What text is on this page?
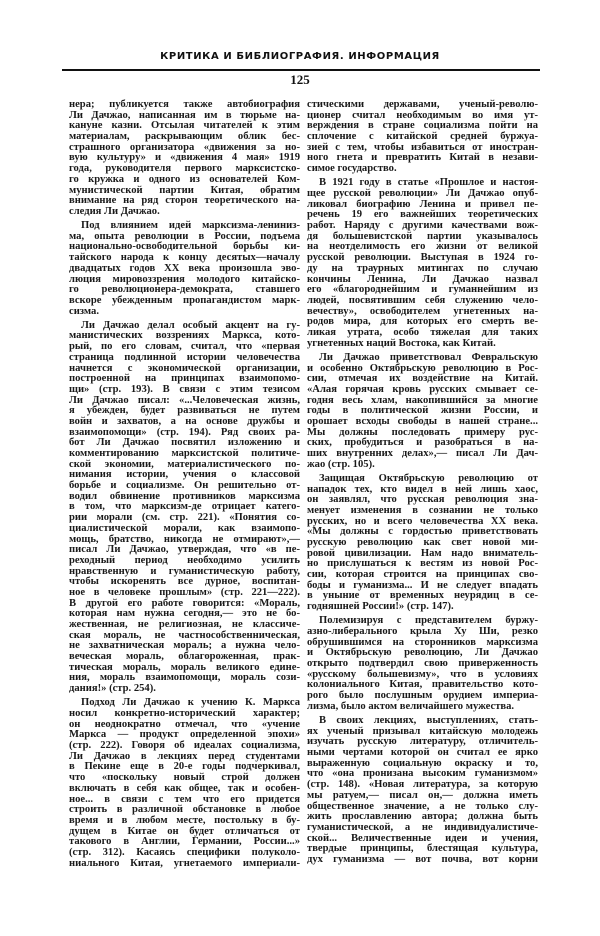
КРИТИКА И БИБЛИОГРАФИЯ. ИНФОРМАЦИЯ
125
нера; публикуется также автобиография
Ли Дачжао, написанная им в тюрьме на-
кануне казни. Отсылая читателей к этим
материалам, раскрывающим облик бес-
страшного организатора «движения за но-
вую культуру» и «движения 4 мая» 1919
года, руководителя первого марксистско-
го кружка и одного из основателей Ком-
мунистической партии Китая, обратим
внимание на ряд сторон теоретического на-
следия Ли Дачжао.
Под влиянием идей марксизма-лениниз-
ма, опыта революции в России, подъема
национально-освободительной борьбы ки-
тайского народа к концу десятых—началу
двадцатых годов XX века произошла эво-
люция мировоззрения молодого китайско-
го революционера-демократа, ставшего
вскоре убежденным пропагандистом марк-
сизма.
Ли Дачжао делал особый акцент на гу-
манистических воззрениях Маркса, кото-
рый, по его словам, считал, что «первая
страница подлинной истории человечества
начнется с экономической организации,
построенной на принципах взаимопомо-
щи» (стр. 193). В связи с этим тезисом
Ли Дачжао писал: «...Человеческая жизнь,
я убежден, будет развиваться не путем
войн и захватов, а на основе дружбы и
взаимопомощи» (стр. 194). Ряд своих ра-
бот Ли Дачжао посвятил изложению и
комментированию марксистской политиче-
ской экономии, материалистического по-
нимания истории, учения о классовой
борьбе и социализме. Он решительно от-
водил обвинение противников марксизма
в том, что марксизм-де отрицает катего-
рии морали (см. стр. 221). «Понятия со-
циалистической морали, как взаимопо-
мощь, братство, никогда не отмирают»,—
писал Ли Дачжао, утверждая, что «в пе-
реходный период необходимо усилить
нравственную и гуманистическую работу,
чтобы искоренять все дурное, воспитан-
ное в человеке прошлым» (стр. 221—222).
В другой его работе говорится: «Мораль,
которая нам нужна сегодня,— это не бо-
жественная, не религиозная, не классиче-
ская мораль, не частнособственническая,
не захватническая мораль; а нужна чело-
веческая мораль, облагороженная, прак-
тическая мораль, мораль великого едине-
ния, мораль взаимопомощи, мораль сози-
дания!» (стр. 254).
Подход Ли Дачжао к учению К. Маркса
носил конкретно-исторический характер;
он неоднократно отмечал, что «учение
Маркса — продукт определенной эпохи»
(стр. 222). Говоря об идеалах социализма,
Ли Дачжао в лекциях перед студентами
в Пекине еще в 20-е годы подчеркивал,
что «поскольку новый строй должен
включать в себя как общее, так и особен-
ное... в связи с тем что его придется
строить в различной обстановке в любое
время и в любом месте, постольку в бу-
дущем в Китае он будет отличаться от
такового в Англии, Германии, России...»
(стр. 312). Касаясь специфики полуколо-
ниального Китая, угнетаемого империали-
стическими державами, ученый-револю-
ционер считал необходимым во имя ут-
верждения в стране социализма пойти на
сплочение с китайской средней буржуа-
зией с тем, чтобы избавиться от иностран-
ного гнета и превратить Китай в незави-
симое государство.
В 1921 году в статье «Прошлое и настоя-
щее русской революции» Ли Дачжао опуб-
ликовал биографию Ленина и привел пе-
речень 19 его важнейших теоретических
работ. Наряду с другими качествами вож-
дя большевистской партии указывалось
на неотделимость его жизни от великой
русской революции. Выступая в 1924 го-
ду на траурных митингах по случаю
кончины Ленина, Ли Дачжао назвал
его «благороднейшим и гуманнейшим из
людей, посвятившим себя служению чело-
вечеству», освободителем угнетенных на-
родов мира, для которых его смерть ве-
ликая утрата, особо тяжелая для таких
угнетенных наций Востока, как Китай.
Ли Дачжао приветствовал Февральскую
и особенно Октябрьскую революцию в Рос-
сии, отмечая их воздействие на Китай.
«Алая горячая кровь русских смывает се-
годня весь хлам, накопившийся за многие
годы в политической жизни России, и
орошает всходы свободы в нашей стране...
Мы должны последовать примеру рус-
ских, пробудиться и разобраться в на-
ших внутренних делах»,— писал Ли Дач-
жао (стр. 105).
Защищая Октябрьскую революцию от
нападок тех, кто видел в ней лишь хаос,
он заявлял, что русская революция зна-
менует изменения в сознании не только
русских, но и всего человечества XX века.
«Мы должны с гордостью приветствовать
русскую революцию как свет новой ми-
ровой цивилизации. Нам надо вниматель-
но прислушаться к вестям из новой Рос-
сии, которая строится на принципах сво-
боды и гуманизма... И не следует впадать
в уныние от временных неурядиц в се-
годняшней России!» (стр. 147).
Полемизируя с представителем буржу-
азно-либерального крыла Ху Ши, резко
обрушившимся на сторонников марксизма
и Октябрьскую революцию, Ли Дачжао
открыто подтвердил свою приверженность
«русскому большевизму», что в условиях
колониального Китая, правительство кото-
рого было послушным орудием империа-
лизма, было актом величайшего мужества.
В своих лекциях, выступлениях, стать-
ях ученый призывал китайскую молодежь
изучать русскую литературу, отличитель-
ными чертами которой он считал ее ярко
выраженную социальную окраску и то,
что «она пронизана высоким гуманизмом»
(стр. 148). «Новая литература, за которую
мы ратуем,— писал он,— должна иметь
общественное значение, а не только слу-
жить прославлению автора; должна быть
гуманистической, а не индивидуалистиче-
ской... Величественные идеи и учения,
твердые принципы, блестящая культура,
дух гуманизма — вот почва, вот корни
